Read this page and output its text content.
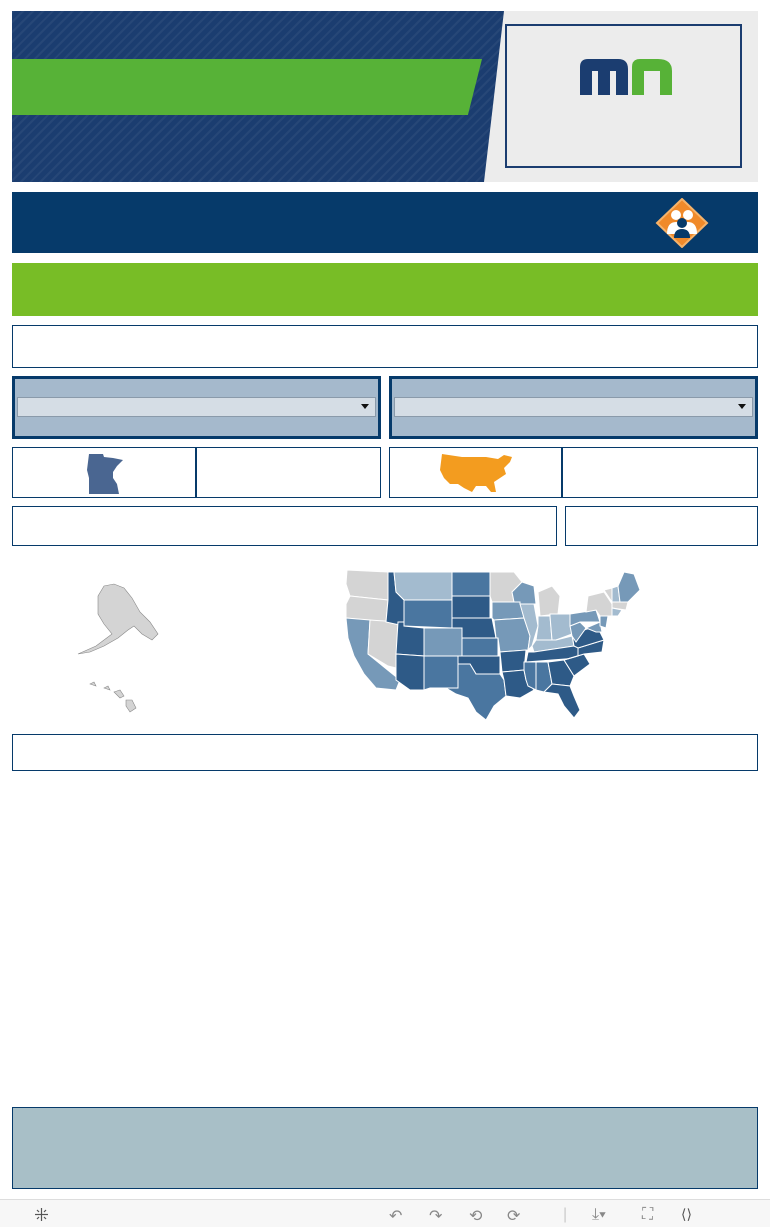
↶ ↷ ⟲ ⟳	| ⤓▾ ⛶ ⟨⟩
